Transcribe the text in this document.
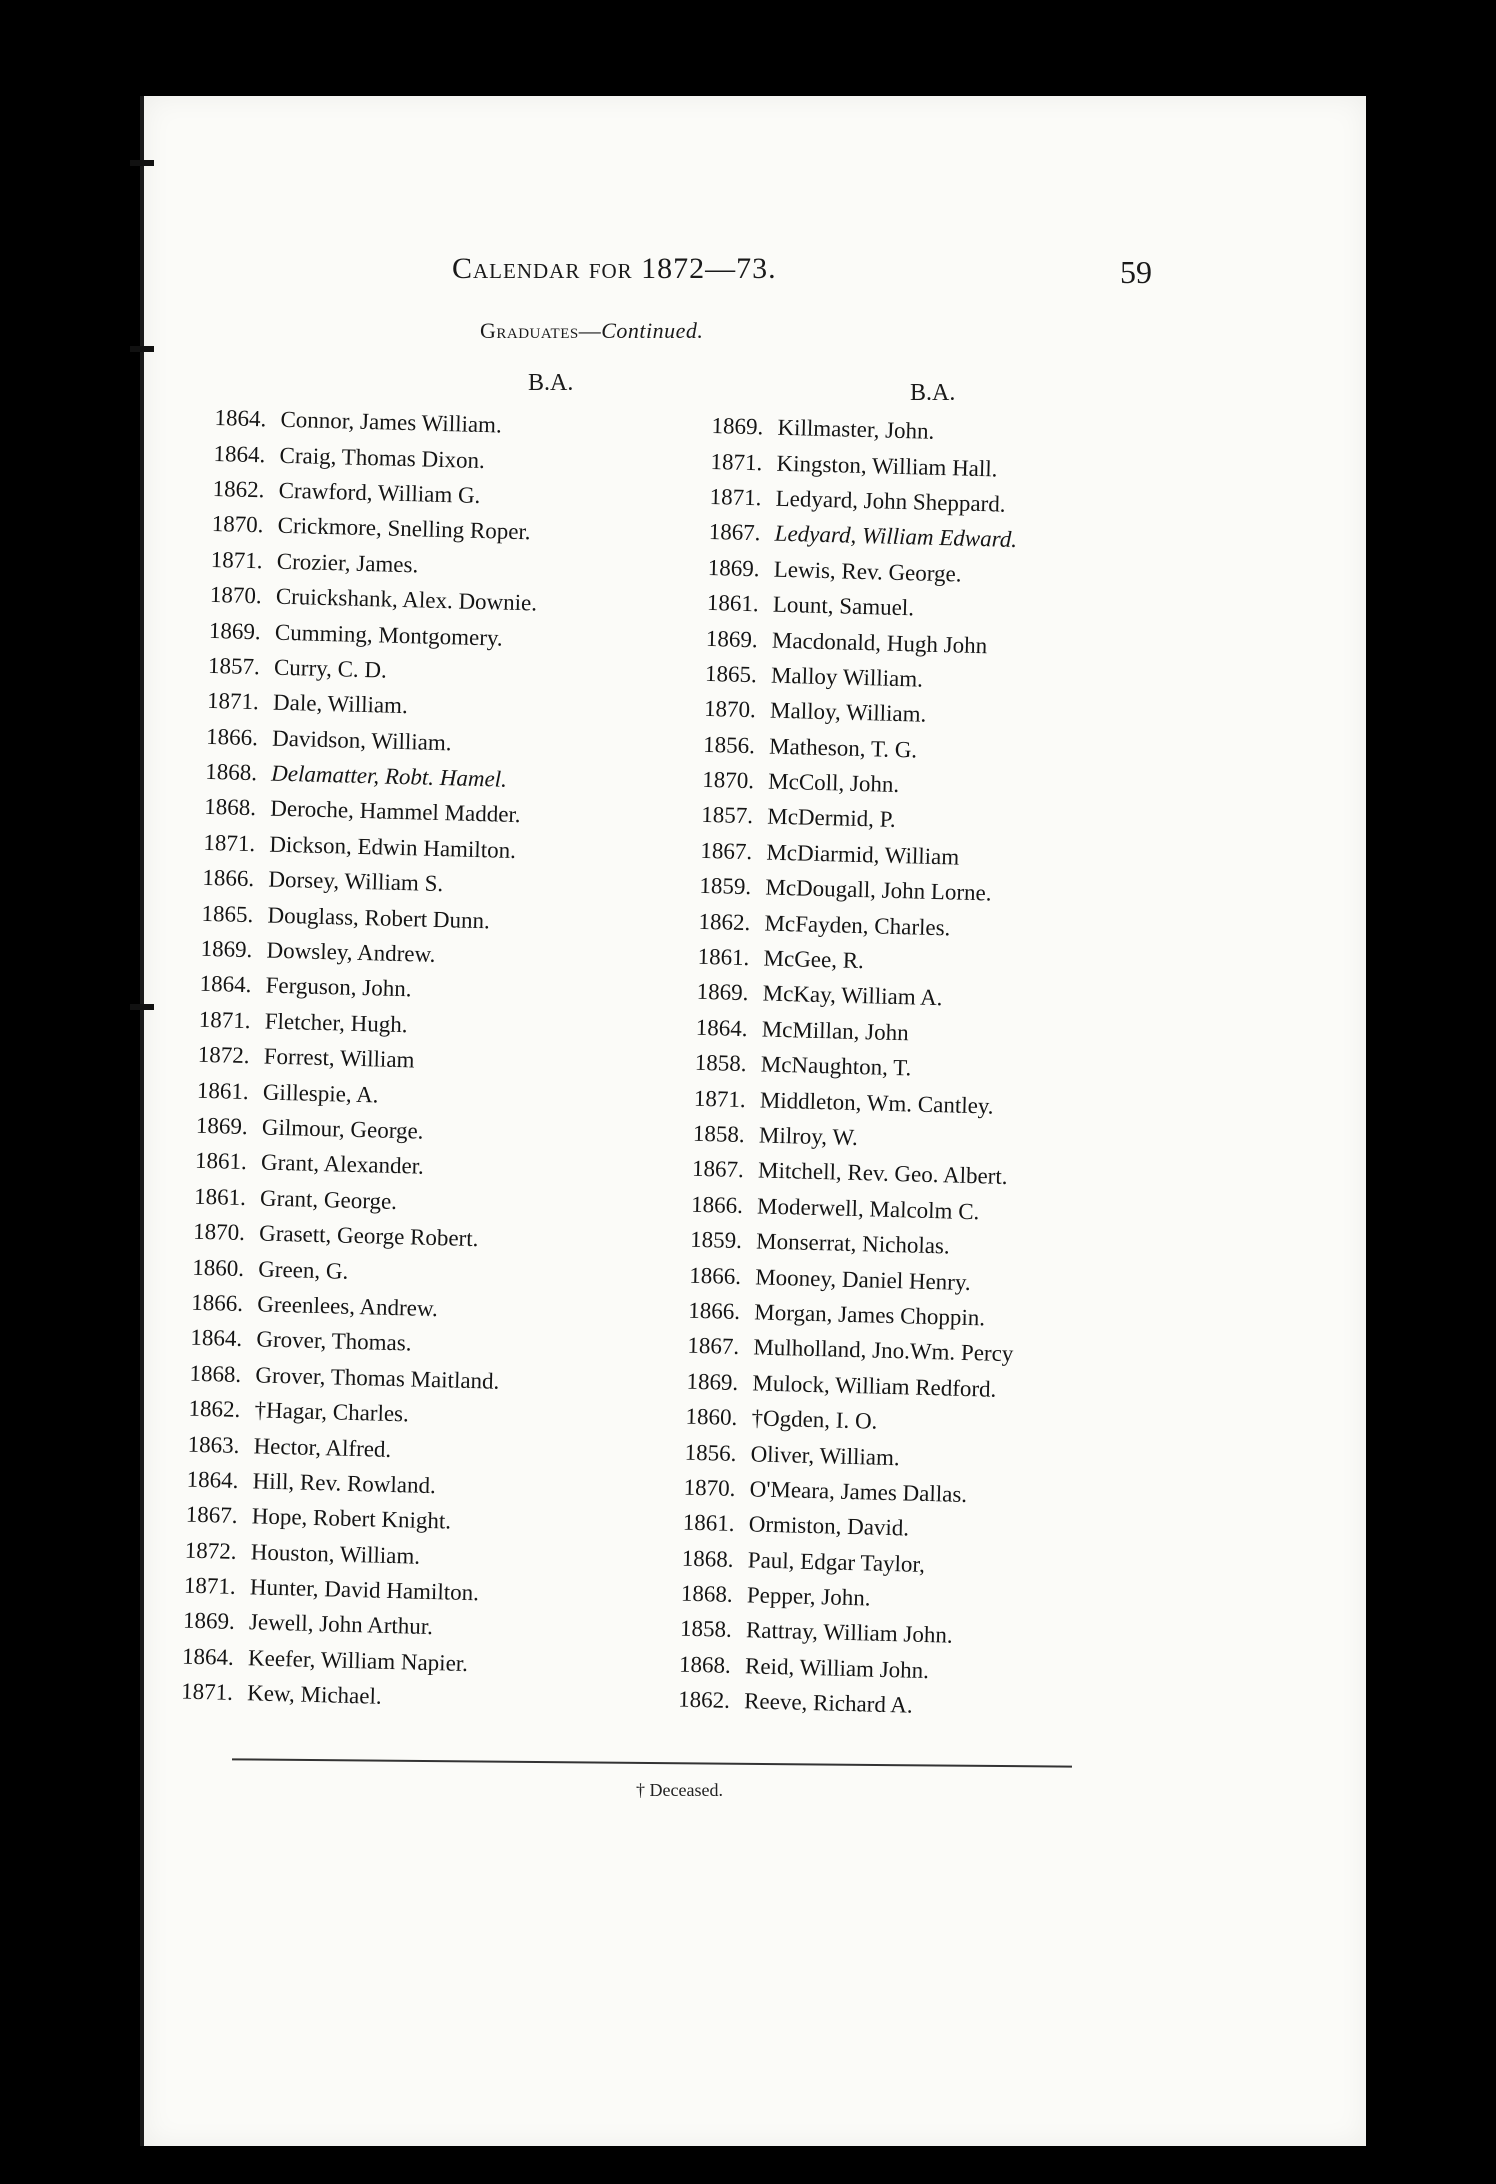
Calendar for 1872—73.	59
Graduates—Continued.
B.A.	B.A.
1864. Connor, James William.
1864. Craig, Thomas Dixon.
1862. Crawford, William G.
1870. Crickmore, Snelling Roper.
1871. Crozier, James.
1870. Cruickshank, Alex. Downie.
1869. Cumming, Montgomery.
1857. Curry, C. D.
1871. Dale, William.
1866. Davidson, William.
1868. Delamatter, Robt. Hamel.
1868. Deroche, Hammel Madder.
1871. Dickson, Edwin Hamilton.
1866. Dorsey, William S.
1865. Douglass, Robert Dunn.
1869. Dowsley, Andrew.
1864. Ferguson, John.
1871. Fletcher, Hugh.
1872. Forrest, William
1861. Gillespie, A.
1869. Gilmour, George.
1861. Grant, Alexander.
1861. Grant, George.
1870. Grasett, George Robert.
1860. Green, G.
1866. Greenlees, Andrew.
1864. Grover, Thomas.
1868. Grover, Thomas Maitland.
1862. †Hagar, Charles.
1863. Hector, Alfred.
1864. Hill, Rev. Rowland.
1867. Hope, Robert Knight.
1872. Houston, William.
1871. Hunter, David Hamilton.
1869. Jewell, John Arthur.
1864. Keefer, William Napier.
1871. Kew, Michael.
1869. Killmaster, John.
1871. Kingston, William Hall.
1871. Ledyard, John Sheppard.
1867. Ledyard, William Edward.
1869. Lewis, Rev. George.
1861. Lount, Samuel.
1869. Macdonald, Hugh John
1865. Malloy William.
1870. Malloy, William.
1856. Matheson, T. G.
1870. McColl, John.
1857. McDermid, P.
1867. McDiarmid, William
1859. McDougall, John Lorne.
1862. McFayden, Charles.
1861. McGee, R.
1869. McKay, William A.
1864. McMillan, John
1858. McNaughton, T.
1871. Middleton, Wm. Cantley.
1858. Milroy, W.
1867. Mitchell, Rev. Geo. Albert.
1866. Moderwell, Malcolm C.
1859. Monserrat, Nicholas.
1866. Mooney, Daniel Henry.
1866. Morgan, James Choppin.
1867. Mulholland, Jno.Wm. Percy
1869. Mulock, William Redford.
1860. †Ogden, I. O.
1856. Oliver, William.
1870. O'Meara, James Dallas.
1861. Ormiston, David.
1868. Paul, Edgar Taylor,
1868. Pepper, John.
1858. Rattray, William John.
1868. Reid, William John.
1862. Reeve, Richard A.
† Deceased.
